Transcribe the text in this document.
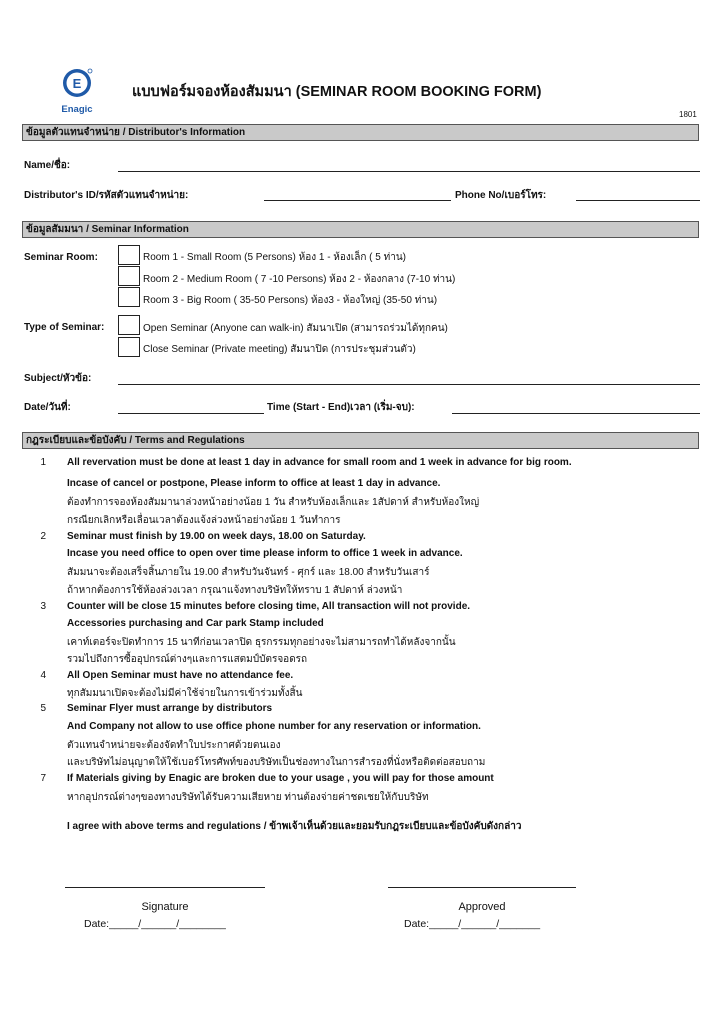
E
Enagic
แบบฟอร์มจองห้องสัมมนา (SEMINAR ROOM BOOKING FORM)
1801
ข้อมูลตัวแทนจำหน่าย / Distributor's Information
Name/ชื่อ:
Distributor's ID/รหัสตัวแทนจำหน่าย:	Phone No/เบอร์โทร:
ข้อมูลสัมมนา / Seminar Information
Seminar Room:	Room 1 - Small Room (5 Persons) ห้อง 1 - ห้องเล็ก ( 5 ท่าน)
Room 2 - Medium Room ( 7 -10 Persons) ห้อง 2 - ห้องกลาง (7-10 ท่าน)
Room 3 - Big Room ( 35-50 Persons) ห้อง3 - ห้องใหญ่ (35-50 ท่าน)
Type of Seminar:	Open Seminar (Anyone can walk-in) สัมนาเปิด (สามารถร่วมได้ทุกคน)
Close Seminar (Private meeting) สัมนาปิด (การประชุมส่วนตัว)
Subject/หัวข้อ:
Date/วันที่:	Time (Start - End)เวลา (เริ่ม-จบ):
กฎระเบียบและข้อบังคับ / Terms and Regulations
1 All revervation must be done at least 1 day in advance for small room and 1 week in advance for big room.
Incase of cancel or postpone, Please inform to office at least 1 day in advance.
ต้องทำการจองห้องสัมมานาล่วงหน้าอย่างน้อย 1 วัน สำหรับห้องเล็กและ 1สัปดาห์ สำหรับห้องใหญ่
กรณียกเลิกหรือเลื่อนเวลาต้องแจ้งล่วงหน้าอย่างน้อย 1 วันทำการ
2 Seminar must finish by 19.00 on week days, 18.00 on Saturday.
Incase you need office to open over time please inform to office 1 week in advance.
สัมมนาจะต้องเสร็จสิ้นภายใน 19.00 สำหรับวันจันทร์ - ศุกร์ และ 18.00 สำหรับวันเสาร์
ถ้าหากต้องการใช้ห้องล่วงเวลา กรุณาแจ้งทางบริษัทให้ทราบ 1 สัปดาห์ ล่วงหน้า
3 Counter will be close 15 minutes before closing time, All transaction will not provide.
Accessories purchasing and Car park Stamp included
เคาท์เตอร์จะปิดทำการ 15 นาทีก่อนเวลาปิด ธุรกรรมทุกอย่างจะไม่สามารถทำได้หลังจากนั้น
รวมไปถึงการซื้ออุปกรณ์ต่างๆและการแสตมป์บัตรจอดรถ
4 All Open Seminar must have no attendance fee.
ทุกสัมมนาเปิดจะต้องไม่มีค่าใช้จ่ายในการเข้าร่วมทั้งสิ้น
5 Seminar Flyer must arrange by distributors
And Company not allow to use office phone number for any reservation or information.
ตัวแทนจำหน่ายจะต้องจัดทำใบประกาศด้วยตนเอง
และบริษัทไม่อนุญาตให้ใช้เบอร์โทรศัพท์ของบริษัทเป็นช่องทางในการสำรองที่นั่งหรือติดต่อสอบถาม
7 If Materials giving by Enagic are broken due to your usage , you will pay for those amount
หากอุปกรณ์ต่างๆของทางบริษัทได้รับความเสียหาย ท่านต้องจ่ายค่าชดเชยให้กับบริษัท
I agree with above terms and regulations / ข้าพเจ้าเห็นด้วยและยอมรับกฎระเบียบและข้อบังคับดังกล่าว
Signature
Date:_____/______/________
Approved
Date:_____/______/_______
